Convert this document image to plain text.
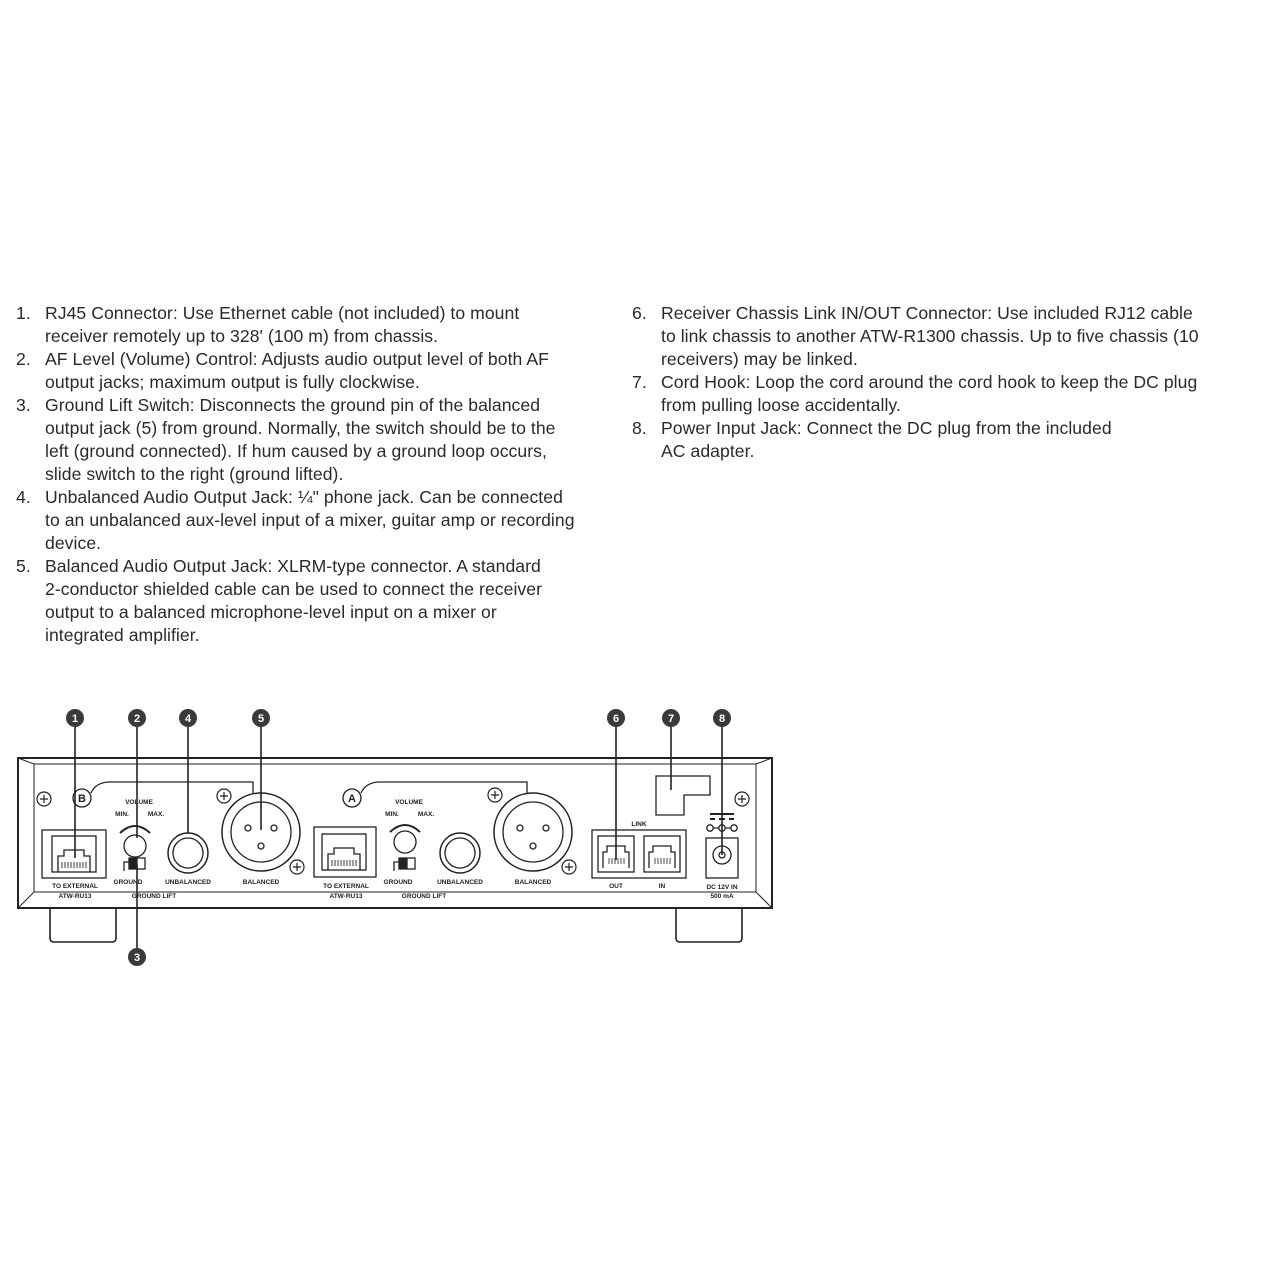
1. RJ45 Connector: Use Ethernet cable (not included) to mount
receiver remotely up to 328' (100 m) from chassis.
2. AF Level (Volume) Control: Adjusts audio output level of both AF
output jacks; maximum output is fully clockwise.
3. Ground Lift Switch: Disconnects the ground pin of the balanced
output jack (5) from ground. Normally, the switch should be to the
left (ground connected). If hum caused by a ground loop occurs,
slide switch to the right (ground lifted).
4. Unbalanced Audio Output Jack: ¼" phone jack. Can be connected
to an unbalanced aux-level input of a mixer, guitar amp or recording
device.
5. Balanced Audio Output Jack: XLRM-type connector. A standard
2-conductor shielded cable can be used to connect the receiver
output to a balanced microphone-level input on a mixer or
integrated amplifier.
6. Receiver Chassis Link IN/OUT Connector: Use included RJ12 cable
to link chassis to another ATW-R1300 chassis. Up to five chassis (10
receivers) may be linked.
7. Cord Hook: Loop the cord around the cord hook to keep the DC plug
from pulling loose accidentally.
8. Power Input Jack: Connect the DC plug from the included
AC adapter.
1	2	4	5	6	7	8
3
B	A
VOLUME
MIN.	MAX.
VOLUME
MIN.	MAX.
TO EXTERNAL
ATW-RU13
TO EXTERNAL
ATW-RU13
GROUND
GROUND LIFT
GROUND
GROUND LIFT
UNBALANCED	UNBALANCED
BALANCED	BALANCED
LINK
OUT	IN	DC 12V IN
500 mA
